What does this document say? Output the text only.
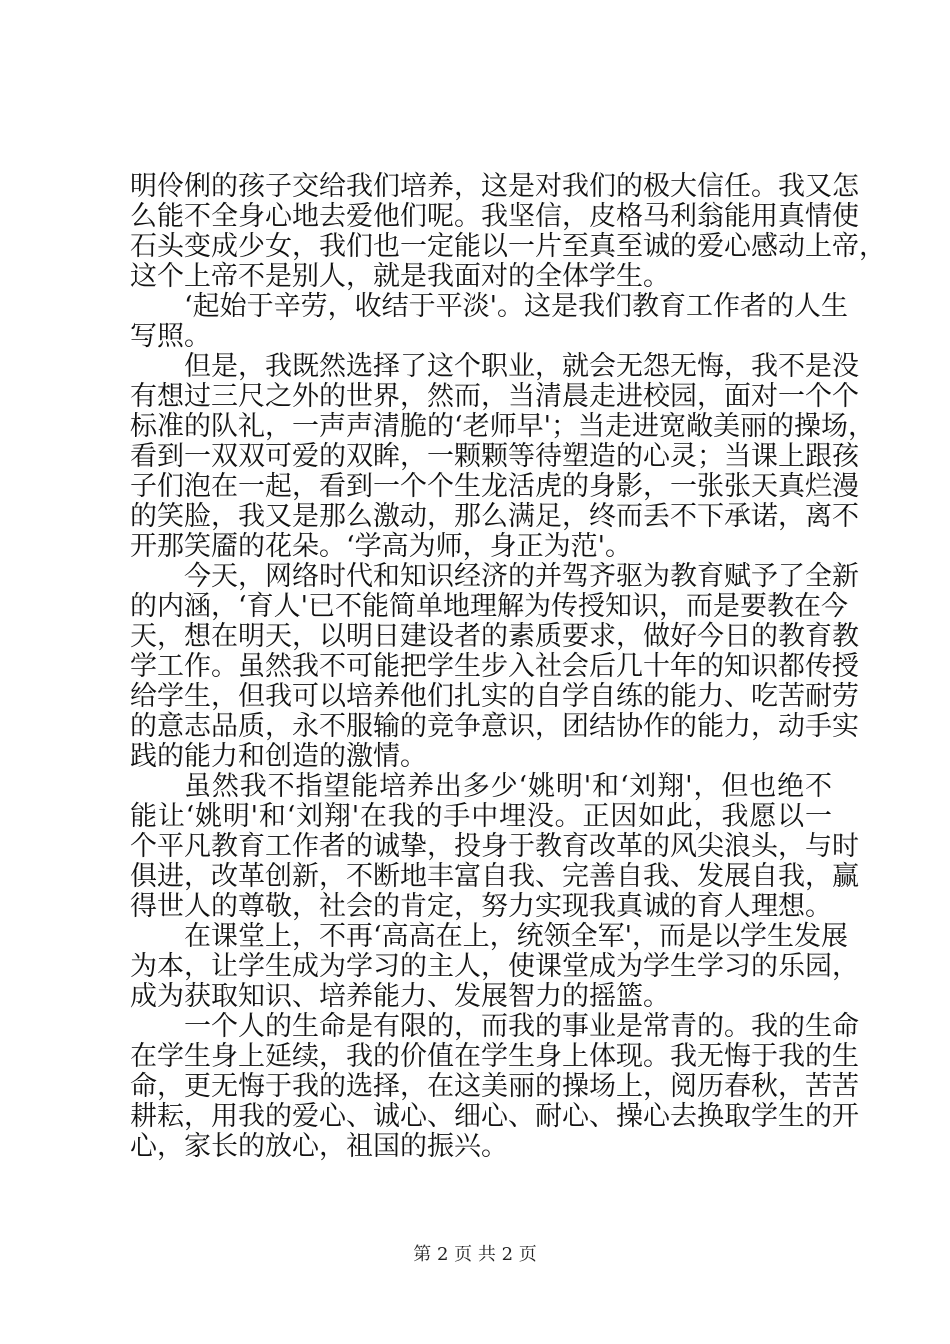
明伶俐的孩子交给我们培养，这是对我们的极大信任。我又怎
么能不全身心地去爱他们呢。我坚信，皮格马利翁能用真情使
石头变成少女，我们也一定能以一片至真至诚的爱心感动上帝，
这个上帝不是别人，就是我面对的全体学生。
‘起始于辛劳，收结于平淡'。这是我们教育工作者的人生
写照。
但是，我既然选择了这个职业，就会无怨无悔，我不是没
有想过三尺之外的世界，然而，当清晨走进校园，面对一个个
标准的队礼，一声声清脆的‘老师早'；当走进宽敞美丽的操场，
看到一双双可爱的双眸，一颗颗等待塑造的心灵；当课上跟孩
子们泡在一起，看到一个个生龙活虎的身影，一张张天真烂漫
的笑脸，我又是那么激动，那么满足，终而丢不下承诺，离不
开那笑靥的花朵。‘学高为师，身正为范'。
今天，网络时代和知识经济的并驾齐驱为教育赋予了全新
的内涵，‘育人'已不能简单地理解为传授知识，而是要教在今
天，想在明天，以明日建设者的素质要求，做好今日的教育教
学工作。虽然我不可能把学生步入社会后几十年的知识都传授
给学生，但我可以培养他们扎实的自学自练的能力、吃苦耐劳
的意志品质，永不服输的竞争意识，团结协作的能力，动手实
践的能力和创造的激情。
虽然我不指望能培养出多少‘姚明'和‘刘翔'，但也绝不
能让‘姚明'和‘刘翔'在我的手中埋没。正因如此，我愿以一
个平凡教育工作者的诚挚，投身于教育改革的风尖浪头，与时
俱进，改革创新，不断地丰富自我、完善自我、发展自我，赢
得世人的尊敬，社会的肯定，努力实现我真诚的育人理想。
在课堂上，不再‘高高在上，统领全军'，而是以学生发展
为本，让学生成为学习的主人，使课堂成为学生学习的乐园，
成为获取知识、培养能力、发展智力的摇篮。
一个人的生命是有限的，而我的事业是常青的。我的生命
在学生身上延续，我的价值在学生身上体现。我无悔于我的生
命，更无悔于我的选择，在这美丽的操场上，阅历春秋，苦苦
耕耘，用我的爱心、诚心、细心、耐心、操心去换取学生的开
心，家长的放心，祖国的振兴。
第 2 页 共 2 页
